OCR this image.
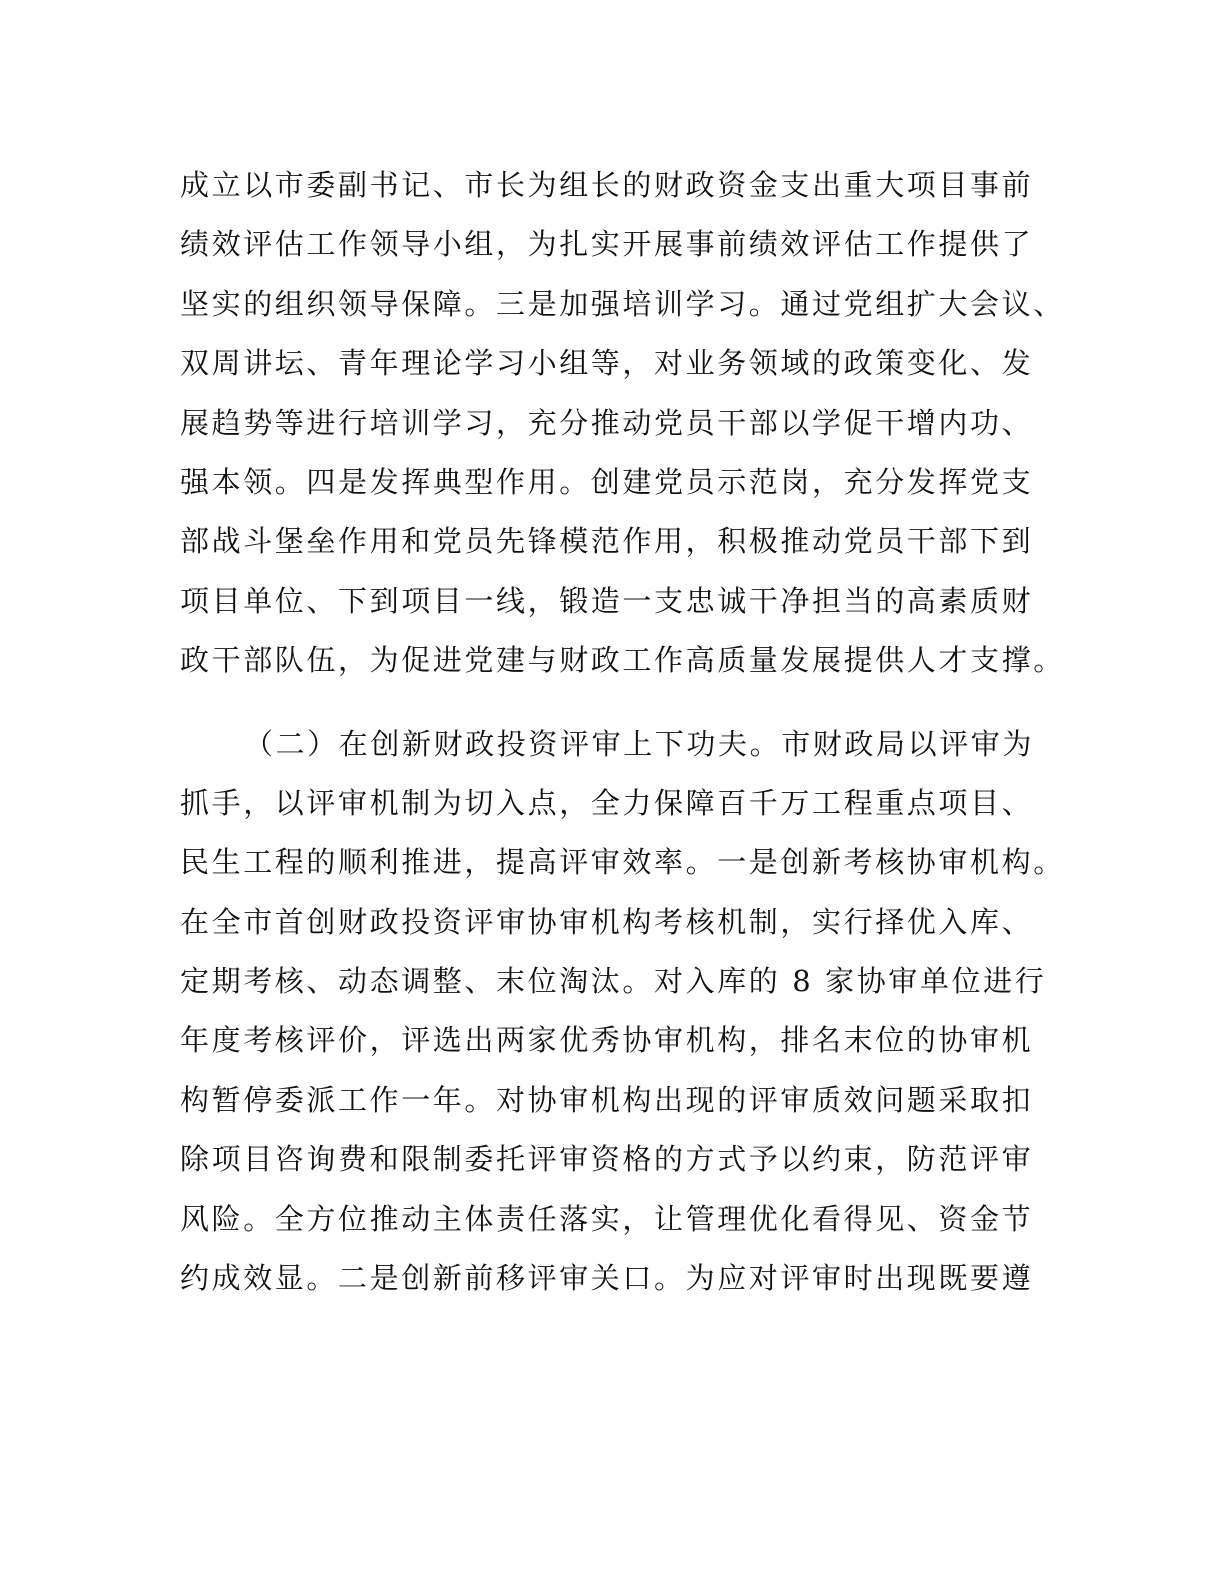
成立以市委副书记、市长为组长的财政资金支出重大项目事前
绩效评估工作领导小组，为扎实开展事前绩效评估工作提供了
坚实的组织领导保障。三是加强培训学习。通过党组扩大会议、
双周讲坛、青年理论学习小组等，对业务领域的政策变化、发
展趋势等进行培训学习，充分推动党员干部以学促干增内功、
强本领。四是发挥典型作用。创建党员示范岗，充分发挥党支
部战斗堡垒作用和党员先锋模范作用，积极推动党员干部下到
项目单位、下到项目一线，锻造一支忠诚干净担当的高素质财
政干部队伍，为促进党建与财政工作高质量发展提供人才支撑。
（二）在创新财政投资评审上下功夫。市财政局以评审为
抓手，以评审机制为切入点，全力保障百千万工程重点项目、
民生工程的顺利推进，提高评审效率。一是创新考核协审机构。
在全市首创财政投资评审协审机构考核机制，实行择优入库、
定期考核、动态调整、末位淘汰。对入库的 8 家协审单位进行
年度考核评价，评选出两家优秀协审机构，排名末位的协审机
构暂停委派工作一年。对协审机构出现的评审质效问题采取扣
除项目咨询费和限制委托评审资格的方式予以约束，防范评审
风险。全方位推动主体责任落实，让管理优化看得见、资金节
约成效显。二是创新前移评审关口。为应对评审时出现既要遵
